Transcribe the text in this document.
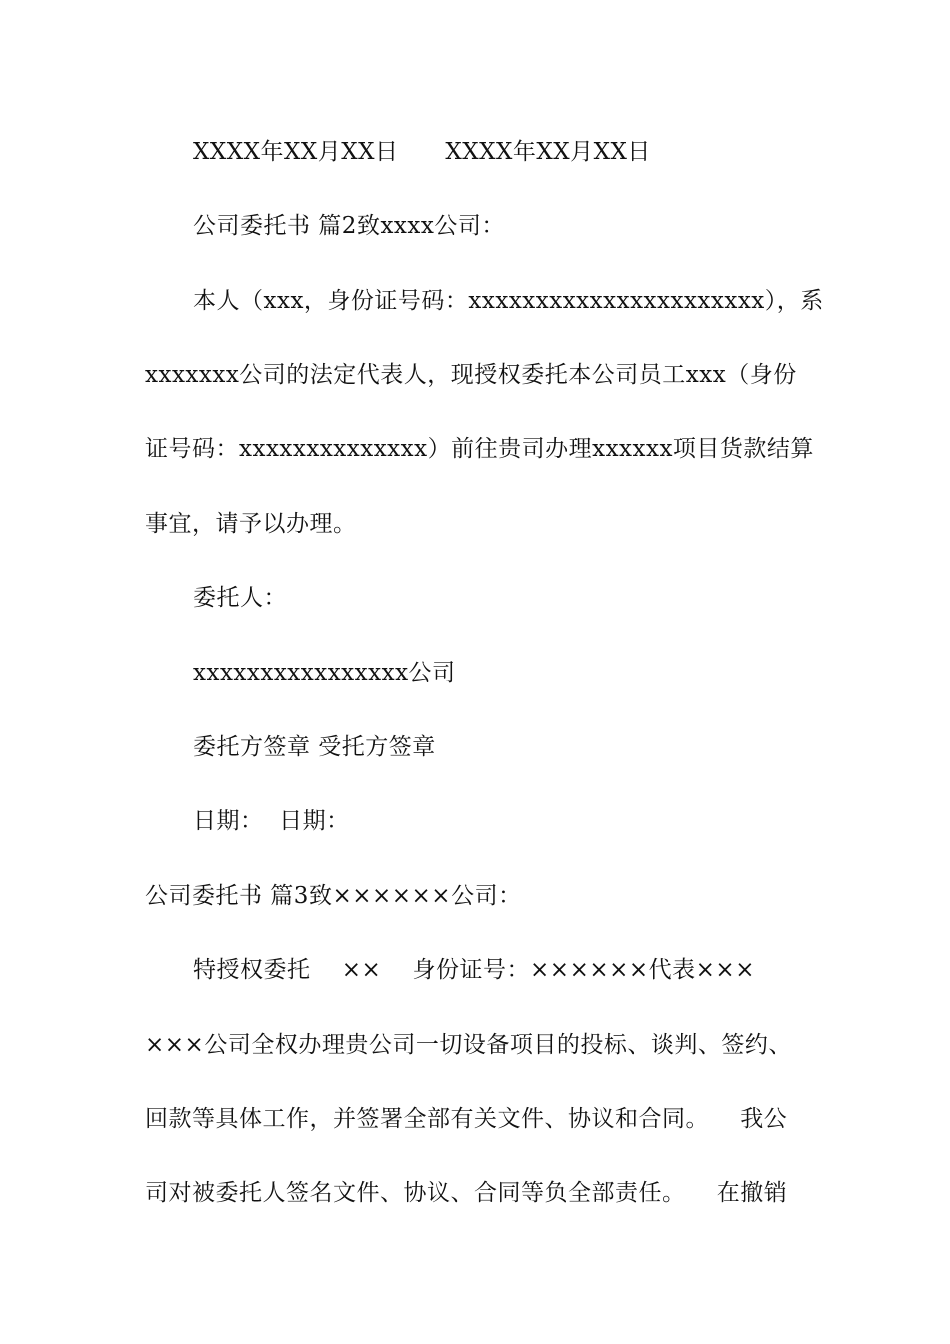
XXXX年XX月XX日      XXXX年XX月XX日
公司委托书 篇2致xxxx公司：
本人（xxx，身份证号码：xxxxxxxxxxxxxxxxxxxxxx），系
xxxxxxx公司的法定代表人，现授权委托本公司员工xxx（身份
证号码：xxxxxxxxxxxxxx）前往贵司办理xxxxxx项目货款结算
事宜，请予以办理。
委托人：
xxxxxxxxxxxxxxxx公司
委托方签章 受托方签章
日期：  日期：
公司委托书 篇3致××××××公司：
特授权委托    ××    身份证号：××××××代表×××
×××公司全权办理贵公司一切设备项目的投标、谈判、签约、
回款等具体工作，并签署全部有关文件、协议和合同。    我公
司对被委托人签名文件、协议、合同等负全部责任。    在撤销
